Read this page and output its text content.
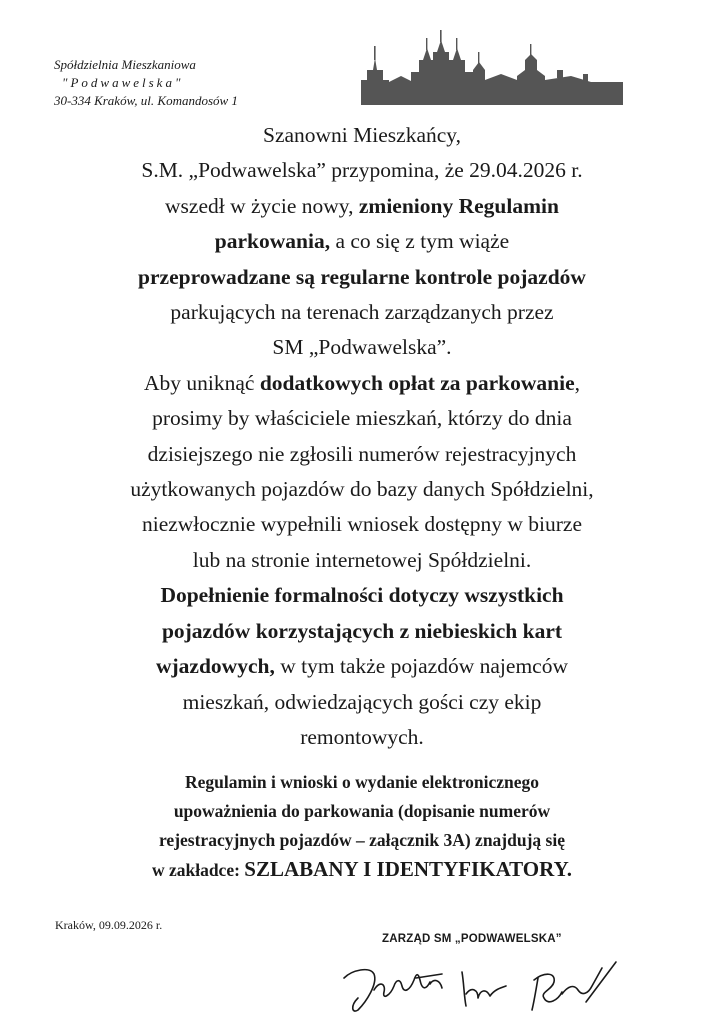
Spółdzielnia Mieszkaniowa
"Podwawelska"
30-334 Kraków, ul. Komandosów 1

Szanowni Mieszkańcy,

S.M. „Podwawelska” przypomina, że 29.04.2026 r.

wszedł w życie nowy, zmieniony Regulamin

parkowania, a co się z tym wiąże

przeprowadzane są regularne kontrole pojazdów

parkujących na terenach zarządzanych przez

SM „Podwawelska”.

Aby uniknąć dodatkowych opłat za parkowanie,

prosimy by właściciele mieszkań, którzy do dnia

dzisiejszego nie zgłosili numerów rejestracyjnych

użytkowanych pojazdów do bazy danych Spółdzielni,

niezwłocznie wypełnili wniosek dostępny w biurze

lub na stronie internetowej Spółdzielni.

Dopełnienie formalności dotyczy wszystkich

pojazdów korzystających z niebieskich kart

wjazdowych, w tym także pojazdów najemców

mieszkań, odwiedzających gości czy ekip

remontowych.

Regulamin i wnioski o wydanie elektronicznego

upoważnienia do parkowania (dopisanie numerów

rejestracyjnych pojazdów – załącznik 3A) znajdują się

w zakładce: SZLABANY I IDENTYFIKATORY.

Kraków, 09.09.2026 r.
ZARZĄD SM „PODWAWELSKA”
